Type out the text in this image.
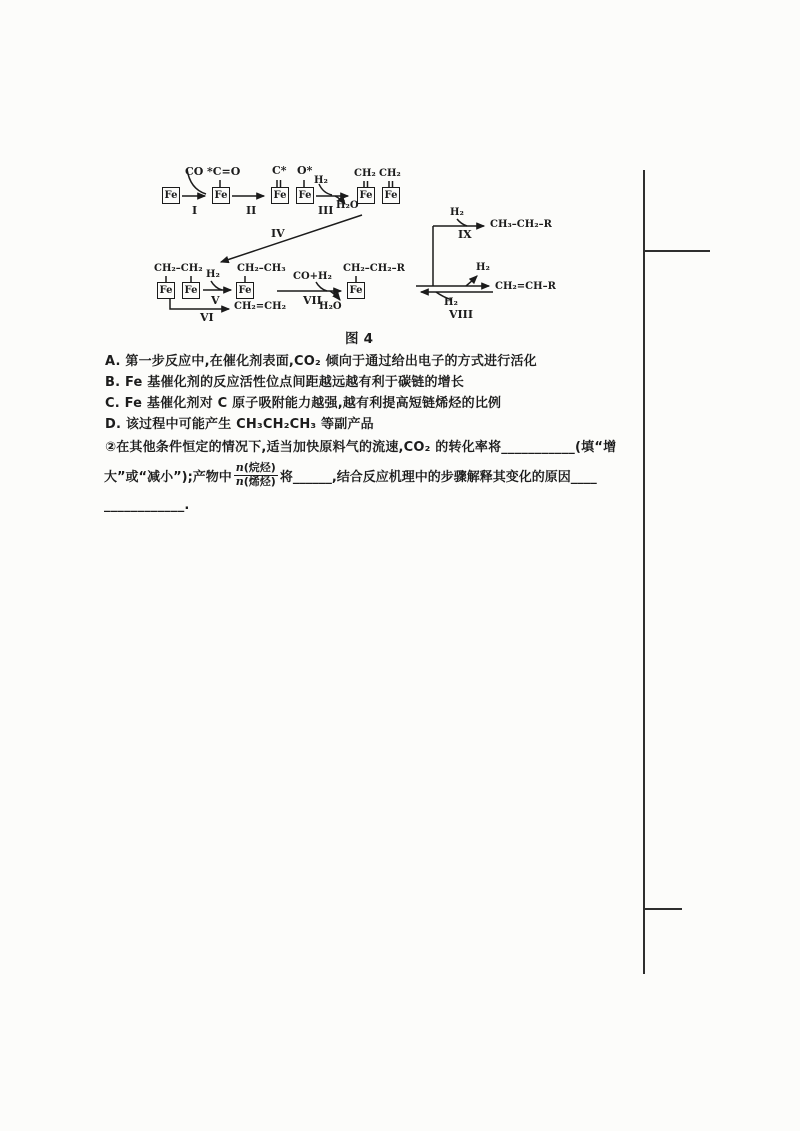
Fe	Fe	Fe Fe	Fe Fe
Fe Fe	Fe	Fe
CO *C=O	C* O*
H₂
H₂O
CH₂ CH₂
CH₂–CH₂
H₂
CH₂–CH₃
CO+H₂
H₂O
CH₂–CH₂–R
CH₂=CH₂
H₂
CH₃–CH₂–R
H₂
CH₂=CH–R
H₂
I	II	III
IV
V
VI
VII
VIII
IX
图 4
A. 第一步反应中,在催化剂表面,CO₂ 倾向于通过给出电子的方式进行活化
B. Fe 基催化剂的反应活性位点间距越远越有利于碳链的增长
C. Fe 基催化剂对 C 原子吸附能力越强,越有利提高短链烯烃的比例
D. 该过程中可能产生 CH₃CH₂CH₃ 等副产品
②在其他条件恒定的情况下,适当加快原料气的流速,CO₂ 的转化率将___________(填“增
大”或“减小”);产物中 $\frac{\text{n(烷烃)}}{\text{n(烯烃)}}$ 将______,结合反应机理中的步骤解释其变化的原因____
____________.
